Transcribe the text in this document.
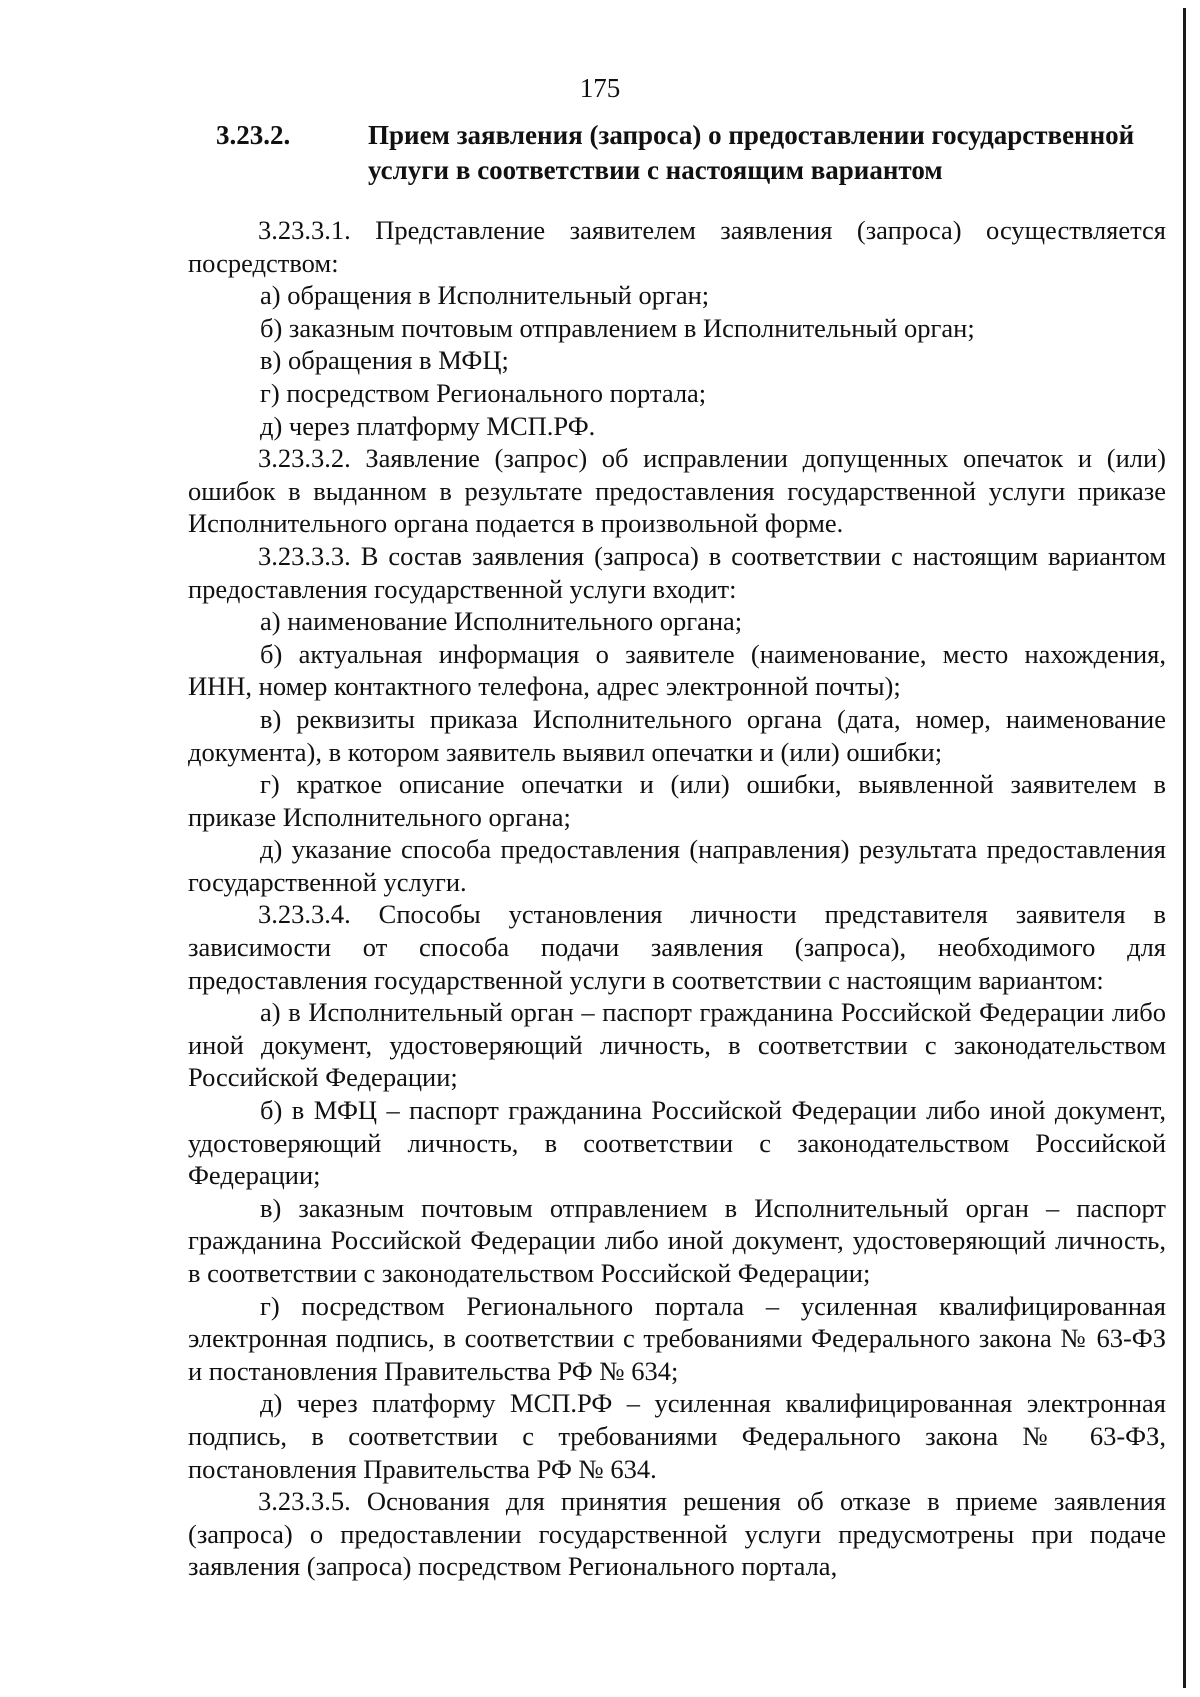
175
3.23.2.	Прием заявления (запроса) о предоставлении государственной
услуги в соответствии с настоящим вариантом

3.23.3.1. Представление заявителем заявления (запроса) осуществляется посредством:

а) обращения в Исполнительный орган;

б) заказным почтовым отправлением в Исполнительный орган;

в) обращения в МФЦ;

г) посредством Регионального портала;

д) через платформу МСП.РФ.

3.23.3.2. Заявление (запрос) об исправлении допущенных опечаток и (или) ошибок в выданном в результате предоставления государственной услуги приказе Исполнительного органа подается в произвольной форме.

3.23.3.3. В состав заявления (запроса) в соответствии с настоящим вариантом предоставления государственной услуги входит:

а) наименование Исполнительного органа;

б) актуальная информация о заявителе (наименование, место нахождения, ИНН, номер контактного телефона, адрес электронной почты);

в) реквизиты приказа Исполнительного органа (дата, номер, наименование документа), в котором заявитель выявил опечатки и (или) ошибки;

г) краткое описание опечатки и (или) ошибки, выявленной заявителем в приказе Исполнительного органа;

д) указание способа предоставления (направления) результата предоставления государственной услуги.

3.23.3.4. Способы установления личности представителя заявителя в зависимости от способа подачи заявления (запроса), необходимого для предоставления государственной услуги в соответствии с настоящим вариантом:

а) в Исполнительный орган – паспорт гражданина Российской Федерации либо иной документ, удостоверяющий личность, в соответствии с законодательством Российской Федерации;

б) в МФЦ – паспорт гражданина Российской Федерации либо иной документ, удостоверяющий личность, в соответствии с законодательством Российской Федерации;

в) заказным почтовым отправлением в Исполнительный орган – паспорт гражданина Российской Федерации либо иной документ, удостоверяющий личность, в соответствии с законодательством Российской Федерации;

г) посредством Регионального портала – усиленная квалифицированная электронная подпись, в соответствии с требованиями Федерального закона № 63-ФЗ и постановления Правительства РФ № 634;

д) через платформу МСП.РФ – усиленная квалифицированная электронная подпись, в соответствии с требованиями Федерального закона № 63-ФЗ, постановления Правительства РФ № 634.

3.23.3.5. Основания для принятия решения об отказе в приеме заявления (запроса) о предоставлении государственной услуги предусмотрены при подаче заявления (запроса) посредством Регионального портала,
